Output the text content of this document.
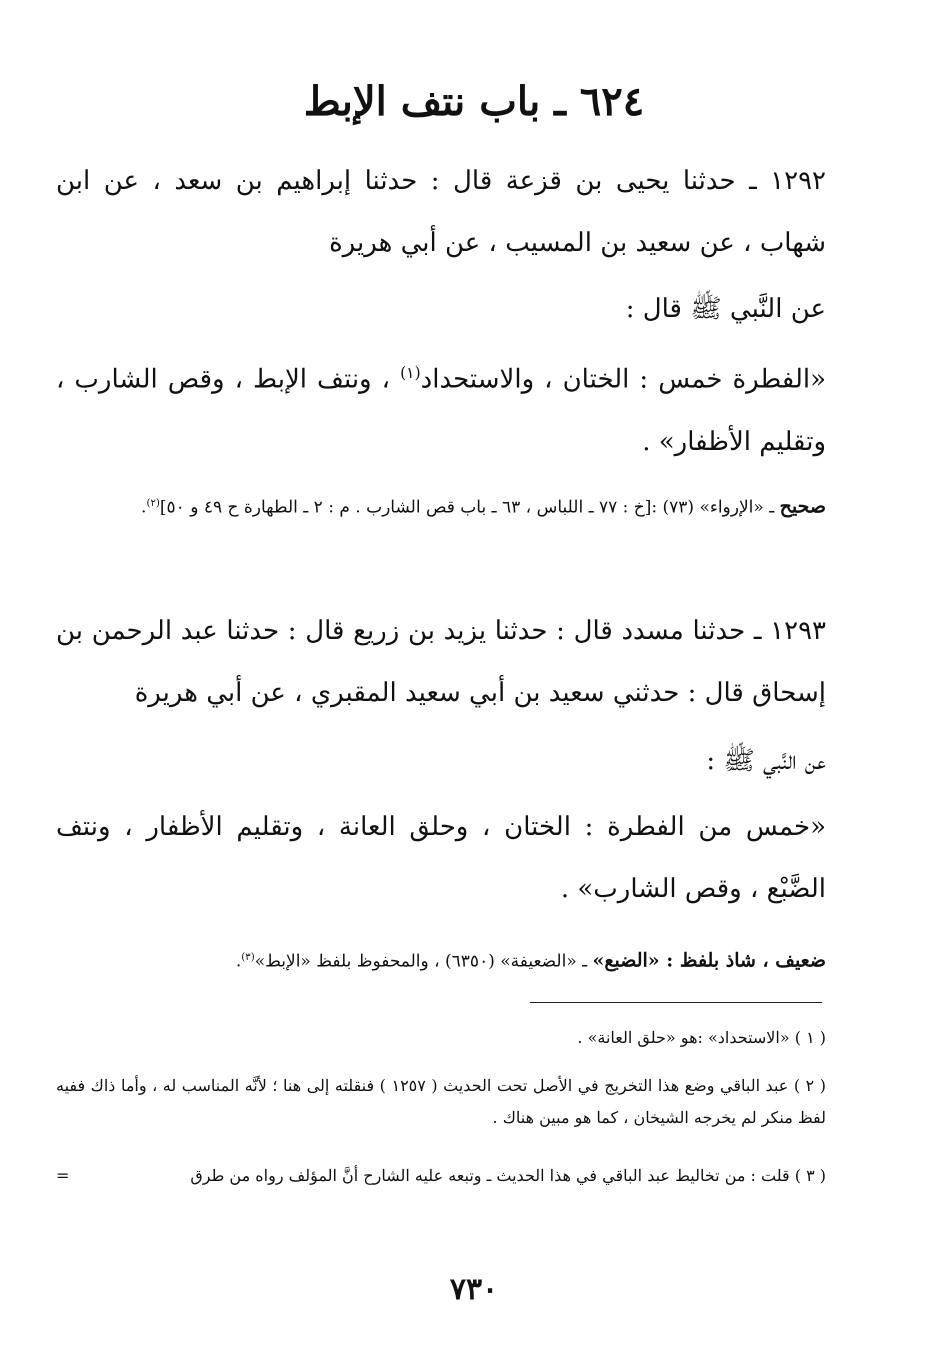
٦٢٤ ـ باب نتف الإبط
١٢٩٢ ـ حدثنا يحيى بن قزعة قال : حدثنا إبراهيم بن سعد ، عن ابن شهاب ، عن سعيد بن المسيب ، عن أبي هريرة
عن النَّبي ﷺ قال :
«الفطرة خمس : الختان ، والاستحداد$^{(١)}$ ، ونتف الإبط ، وقص الشارب ، وتقليم الأظفار» .
صحيح ـ «الإرواء» (٧٣) :[خ : ٧٧ ـ اللباس ، ٦٣ ـ باب قص الشارب . م : ٢ ـ الطهارة ح ٤٩ و ٥٠]$^{(٢)}$.
١٢٩٣ ـ حدثنا مسدد قال : حدثنا يزيد بن زريع قال : حدثنا عبد الرحمن بن إسحاق قال : حدثني سعيد بن أبي سعيد المقبري ، عن أبي هريرة
عن النَّبي ﷺ :
«خمس من الفطرة : الختان ، وحلق العانة ، وتقليم الأظفار ، ونتف الضَّبْع ، وقص الشارب» .
ضعيف ، شاذ بلفظ : «الضبع» ـ «الضعيفة» (٦٣٥٠) ، والمحفوظ بلفظ «الإبط»$^{(٣)}$.
( ١ ) «الاستحداد» :هو «حلق العانة» .
( ٢ ) عبد الباقي وضع هذا التخريج في الأصل تحت الحديث ( ١٢٥٧ ) فنقلته إلى هنا ؛ لأنَّه المناسب له ، وأما ذاك ففيه لفظ منكر لم يخرجه الشيخان ، كما هو مبين هناك .
( ٣ ) قلت : من تخاليط عبد الباقي في هذا الحديث ـ وتبعه عليه الشارح أنَّ المؤلف رواه من طرق
=
٧٣٠
